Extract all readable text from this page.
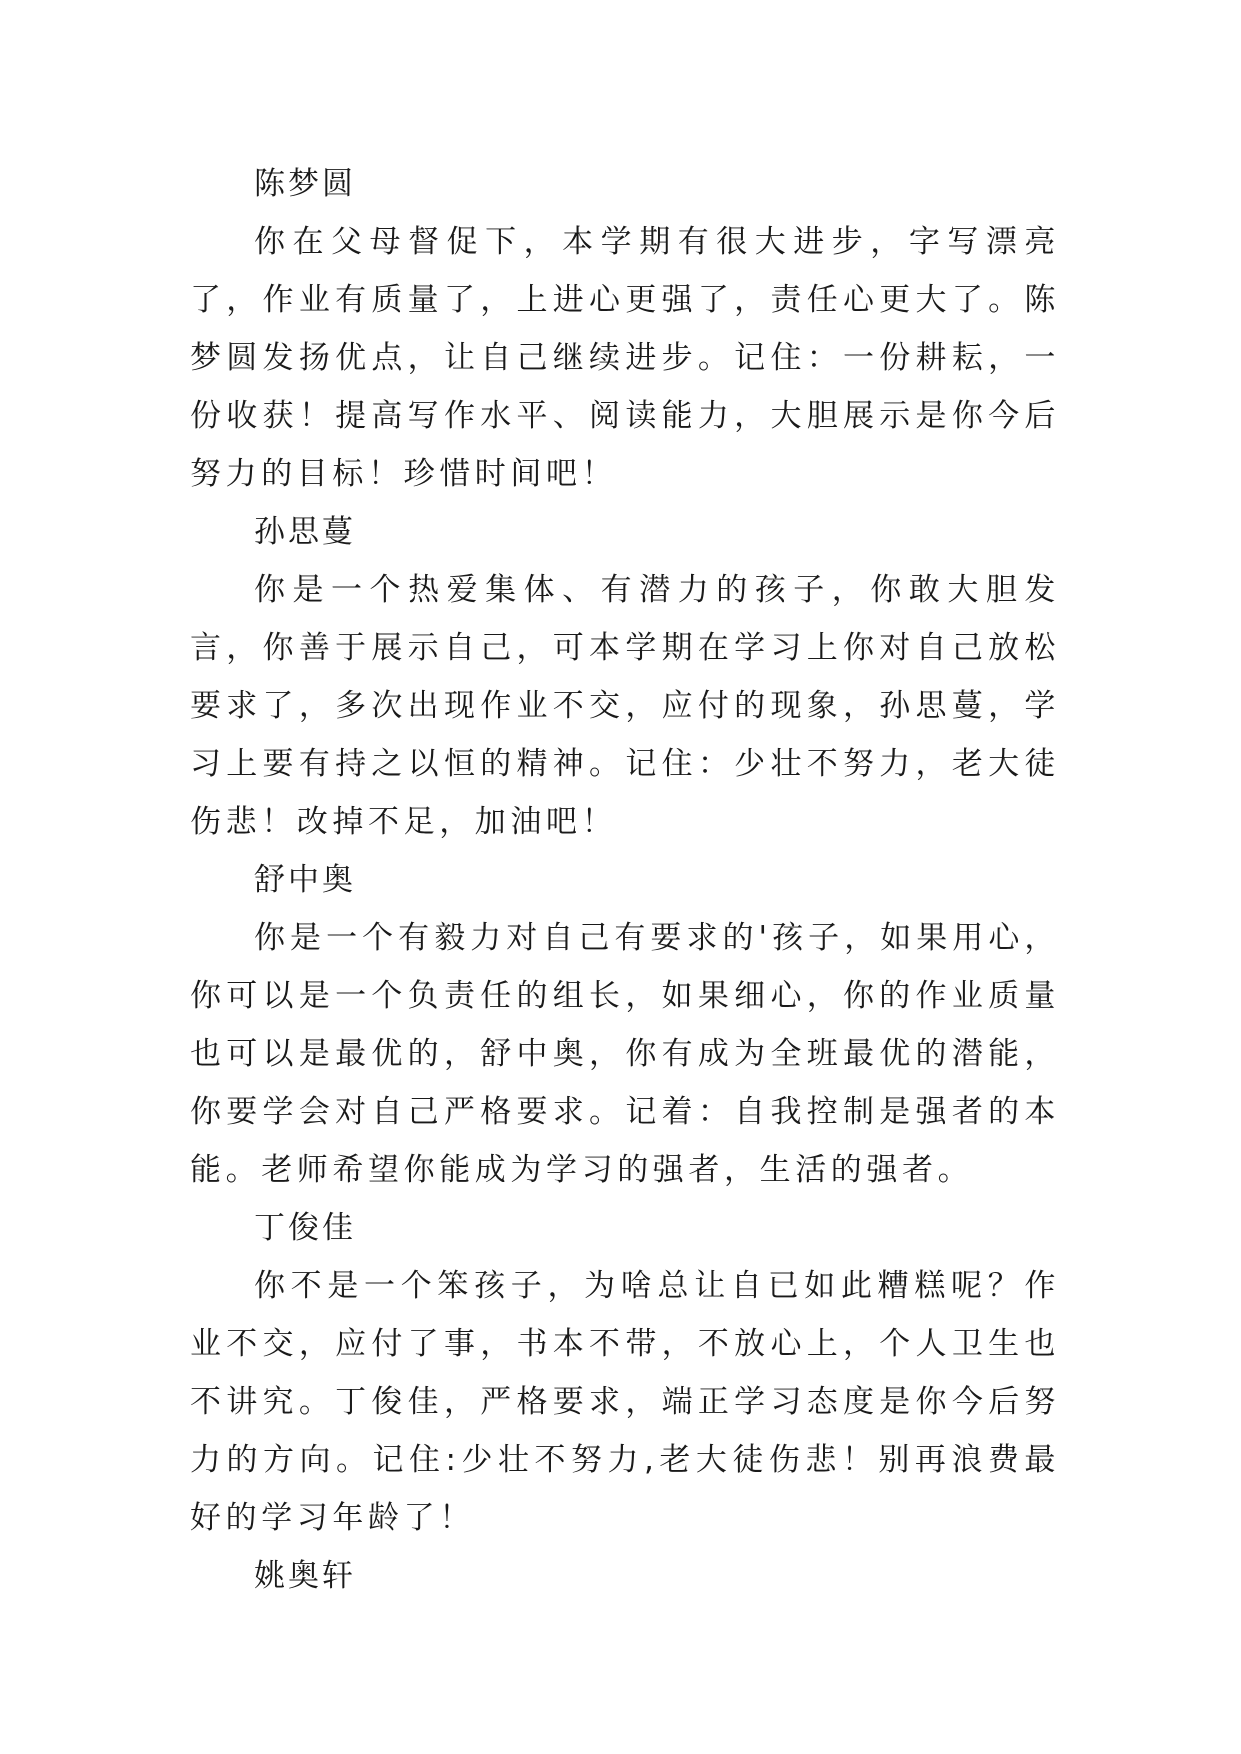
陈梦圆

你在父母督促下，本学期有很大进步，字写漂亮了，作业有质量了，上进心更强了，责任心更大了。陈梦圆发扬优点，让自己继续进步。记住：一份耕耘，一份收获！提高写作水平、阅读能力，大胆展示是你今后努力的目标！珍惜时间吧！

孙思蔓

你是一个热爱集体、有潜力的孩子，你敢大胆发言，你善于展示自己，可本学期在学习上你对自己放松要求了，多次出现作业不交，应付的现象，孙思蔓，学习上要有持之以恒的精神。记住：少壮不努力，老大徒伤悲！改掉不足，加油吧！

舒中奥

你是一个有毅力对自己有要求的'孩子，如果用心，你可以是一个负责任的组长，如果细心，你的作业质量也可以是最优的，舒中奥，你有成为全班最优的潜能，你要学会对自己严格要求。记着：自我控制是强者的本能。老师希望你能成为学习的强者，生活的强者。

丁俊佳

你不是一个笨孩子，为啥总让自已如此糟糕呢？作业不交，应付了事，书本不带，不放心上，个人卫生也不讲究。丁俊佳，严格要求，端正学习态度是你今后努力的方向。记住:少壮不努力,老大徒伤悲！别再浪费最好的学习年龄了！

姚奥轩
